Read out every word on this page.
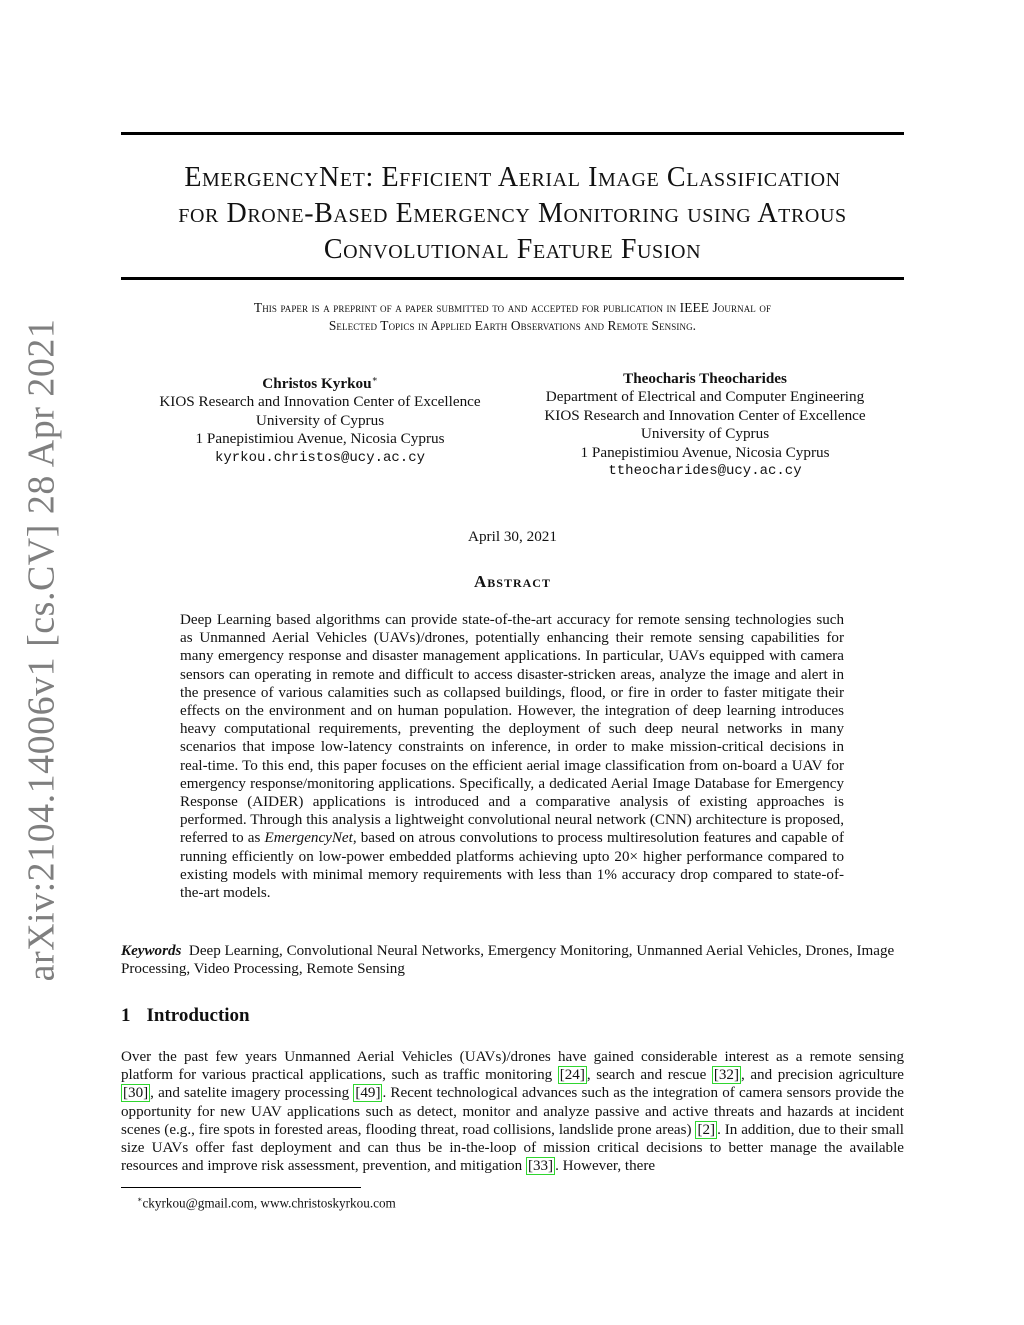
arXiv:2104.14006v1 [cs.CV] 28 Apr 2021
EmergencyNet: Efficient Aerial Image Classification
for Drone-Based Emergency Monitoring using Atrous
Convolutional Feature Fusion
This paper is a preprint of a paper submitted to and accepted for publication in IEEE Journal of
Selected Topics in Applied Earth Observations and Remote Sensing.
Christos Kyrkou∗
KIOS Research and Innovation Center of Excellence
University of Cyprus
1 Panepistimiou Avenue, Nicosia Cyprus
kyrkou.christos@ucy.ac.cy
Theocharis Theocharides
Department of Electrical and Computer Engineering
KIOS Research and Innovation Center of Excellence
University of Cyprus
1 Panepistimiou Avenue, Nicosia Cyprus
ttheocharides@ucy.ac.cy
April 30, 2021
Abstract

Deep Learning based algorithms can provide state-of-the-art accuracy for remote sensing technologies such as Unmanned Aerial Vehicles (UAVs)/drones, potentially enhancing their remote sensing capabilities for many emergency response and disaster management applications. In particular, UAVs equipped with camera sensors can operating in remote and difficult to access disaster-stricken areas, analyze the image and alert in the presence of various calamities such as collapsed buildings, flood, or fire in order to faster mitigate their effects on the environment and on human population. However, the integration of deep learning introduces heavy computational requirements, preventing the deployment of such deep neural networks in many scenarios that impose low-latency constraints on inference, in order to make mission-critical decisions in real-time. To this end, this paper focuses on the efficient aerial image classification from on-board a UAV for emergency response/monitoring applications. Specifically, a dedicated Aerial Image Database for Emergency Response (AIDER) applications is introduced and a comparative analysis of existing approaches is performed. Through this analysis a lightweight convolutional neural network (CNN) architecture is proposed, referred to as EmergencyNet, based on atrous convolutions to process multiresolution features and capable of running efficiently on low-power embedded platforms achieving upto 20× higher performance compared to existing models with minimal memory requirements with less than 1% accuracy drop compared to state-of-the-art models.

Keywords Deep Learning, Convolutional Neural Networks, Emergency Monitoring, Unmanned Aerial Vehicles, Drones, Image Processing, Video Processing, Remote Sensing

1 Introduction

Over the past few years Unmanned Aerial Vehicles (UAVs)/drones have gained considerable interest as a remote sensing platform for various practical applications, such as traffic monitoring [24] , search and rescue [32] , and precision agriculture [30] , and satelite imagery processing [49] . Recent technological advances such as the integration of camera sensors provide the opportunity for new UAV applications such as detect, monitor and analyze passive and active threats and hazards at incident scenes (e.g., fire spots in forested areas, flooding threat, road collisions, landslide prone areas) [2] . In addition, due to their small size UAVs offer fast deployment and can thus be in-the-loop of mission critical decisions to better manage the available resources and improve risk assessment, prevention, and mitigation [33] . However, there

∗ckyrkou@gmail.com, www.christoskyrkou.com
